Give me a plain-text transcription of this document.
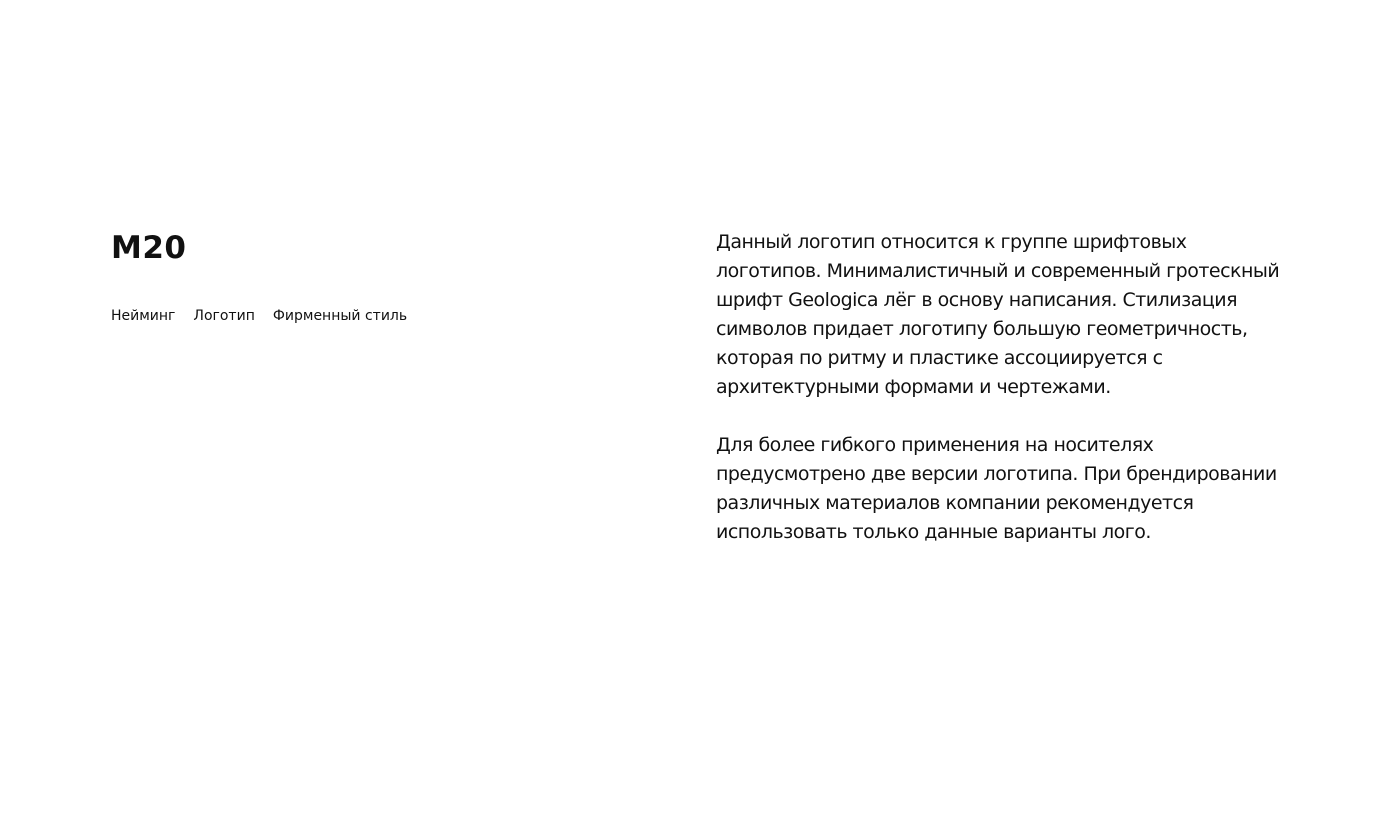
М20
Нейминг Логотип Фирменный стиль

Данный логотип относится к группе шрифтовых логотипов. Минималистичный и современный гротескный шрифт Geologica лёг в основу написания. Стилизация символов придает логотипу большую геометричность, которая по ритму и пластике ассоциируется с архитектурными формами и чертежами.

Для более гибкого применения на носителях предусмотрено две версии логотипа. При брендировании различных материалов компании рекомендуется использовать только данные варианты лого.
